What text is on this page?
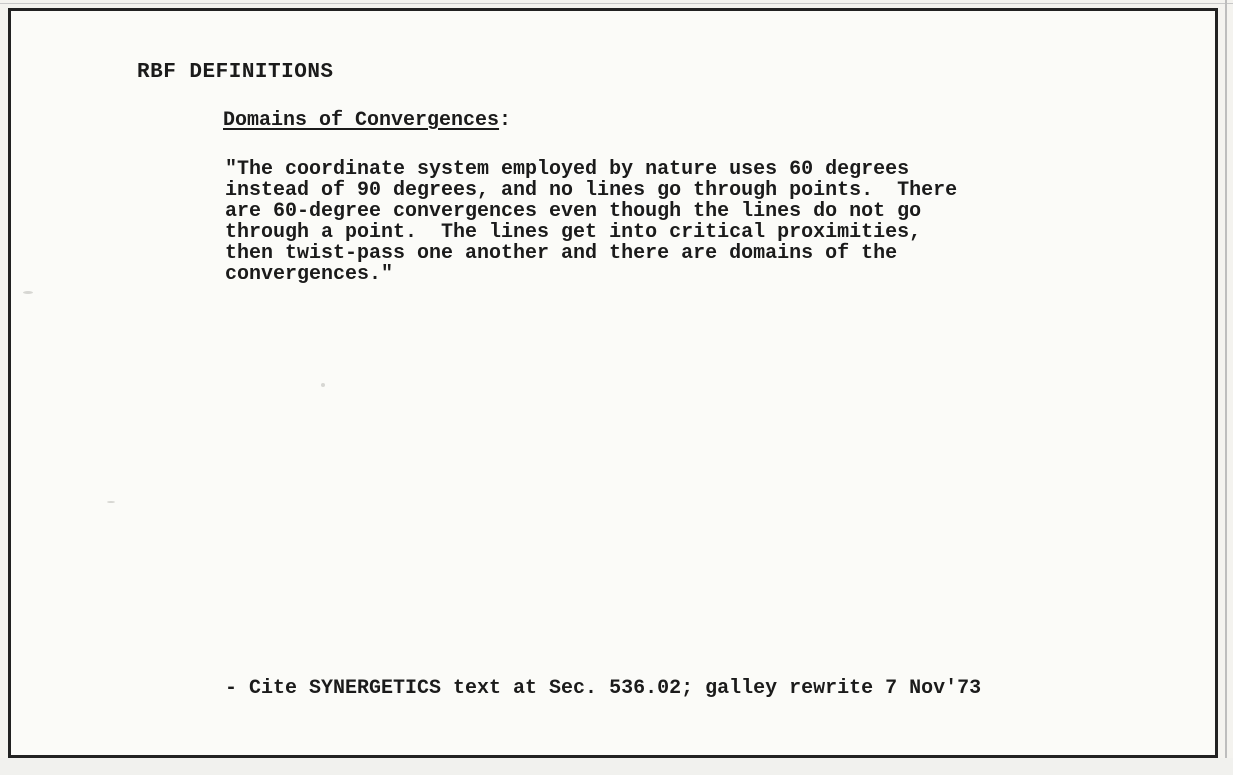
RBF DEFINITIONS

Domains of Convergences:

"The coordinate system employed by nature uses 60 degrees
instead of 90 degrees, and no lines go through points.  There
are 60-degree convergences even though the lines do not go
through a point.  The lines get into critical proximities,
then twist-pass one another and there are domains of the
convergences."

- Cite SYNERGETICS text at Sec. 536.02; galley rewrite 7 Nov'73
